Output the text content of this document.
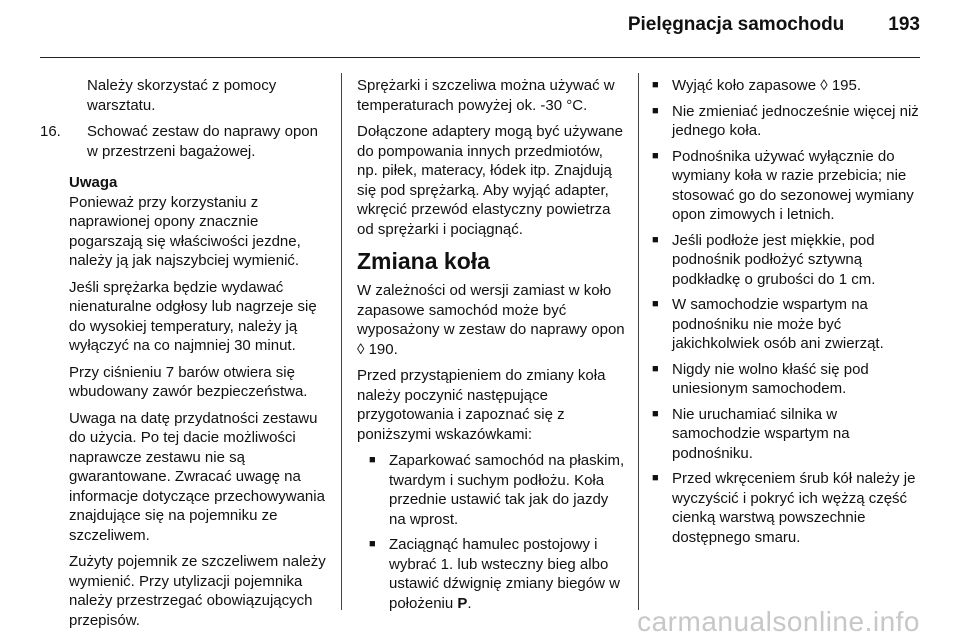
Pielęgnacja samochodu 193

Należy skorzystać z pomocy warsztatu.

16.	Schować zestaw do naprawy opon w przestrzeni bagażowej.

Uwaga

Ponieważ przy korzystaniu z naprawionej opony znacznie pogarszają się właściwości jezdne, należy ją jak najszybciej wymienić.

Jeśli sprężarka będzie wydawać nienaturalne odgłosy lub nagrzeje się do wysokiej temperatury, należy ją wyłączyć na co najmniej 30 minut.

Przy ciśnieniu 7 barów otwiera się wbudowany zawór bezpieczeństwa.

Uwaga na datę przydatności zestawu do użycia. Po tej dacie możliwości naprawcze zestawu nie są gwarantowane. Zwracać uwagę na informacje dotyczące przechowywania znajdujące się na pojemniku ze szczeliwem.

Zużyty pojemnik ze szczeliwem należy wymienić. Przy utylizacji pojemnika należy przestrzegać obowiązujących przepisów.

Sprężarki i szczeliwa można używać w temperaturach powyżej ok. -30 °C.

Dołączone adaptery mogą być używane do pompowania innych przedmiotów, np. piłek, materacy, łódek itp. Znajdują się pod sprężarką. Aby wyjąć adapter, wkręcić przewód elastyczny powietrza od sprężarki i pociągnąć.

Zmiana koła

W zależności od wersji zamiast w koło zapasowe samochód może być wyposażony w zestaw do naprawy opon ◊ 190.

Przed przystąpieniem do zmiany koła należy poczynić następujące przygotowania i zapoznać się z poniższymi wskazówkami:

■ Zaparkować samochód na płaskim, twardym i suchym podłożu. Koła przednie ustawić tak jak do jazdy na wprost.
■ Zaciągnąć hamulec postojowy i wybrać 1. lub wsteczny bieg albo ustawić dźwignię zmiany biegów w położeniu P.
■ Wyjąć koło zapasowe ◊ 195.
■ Nie zmieniać jednocześnie więcej niż jednego koła.
■ Podnośnika używać wyłącznie do wymiany koła w razie przebicia; nie stosować go do sezonowej wymiany opon zimowych i letnich.
■ Jeśli podłoże jest miękkie, pod podnośnik podłożyć sztywną podkładkę o grubości do 1 cm.
■ W samochodzie wspartym na podnośniku nie może być jakichkolwiek osób ani zwierząt.
■ Nigdy nie wolno kłaść się pod uniesionym samochodem.
■ Nie uruchamiać silnika w samochodzie wspartym na podnośniku.
■ Przed wkręceniem śrub kół należy je wyczyścić i pokryć ich wężzą część cienką warstwą powszechnie dostępnego smaru.
carmanualsonline.info
